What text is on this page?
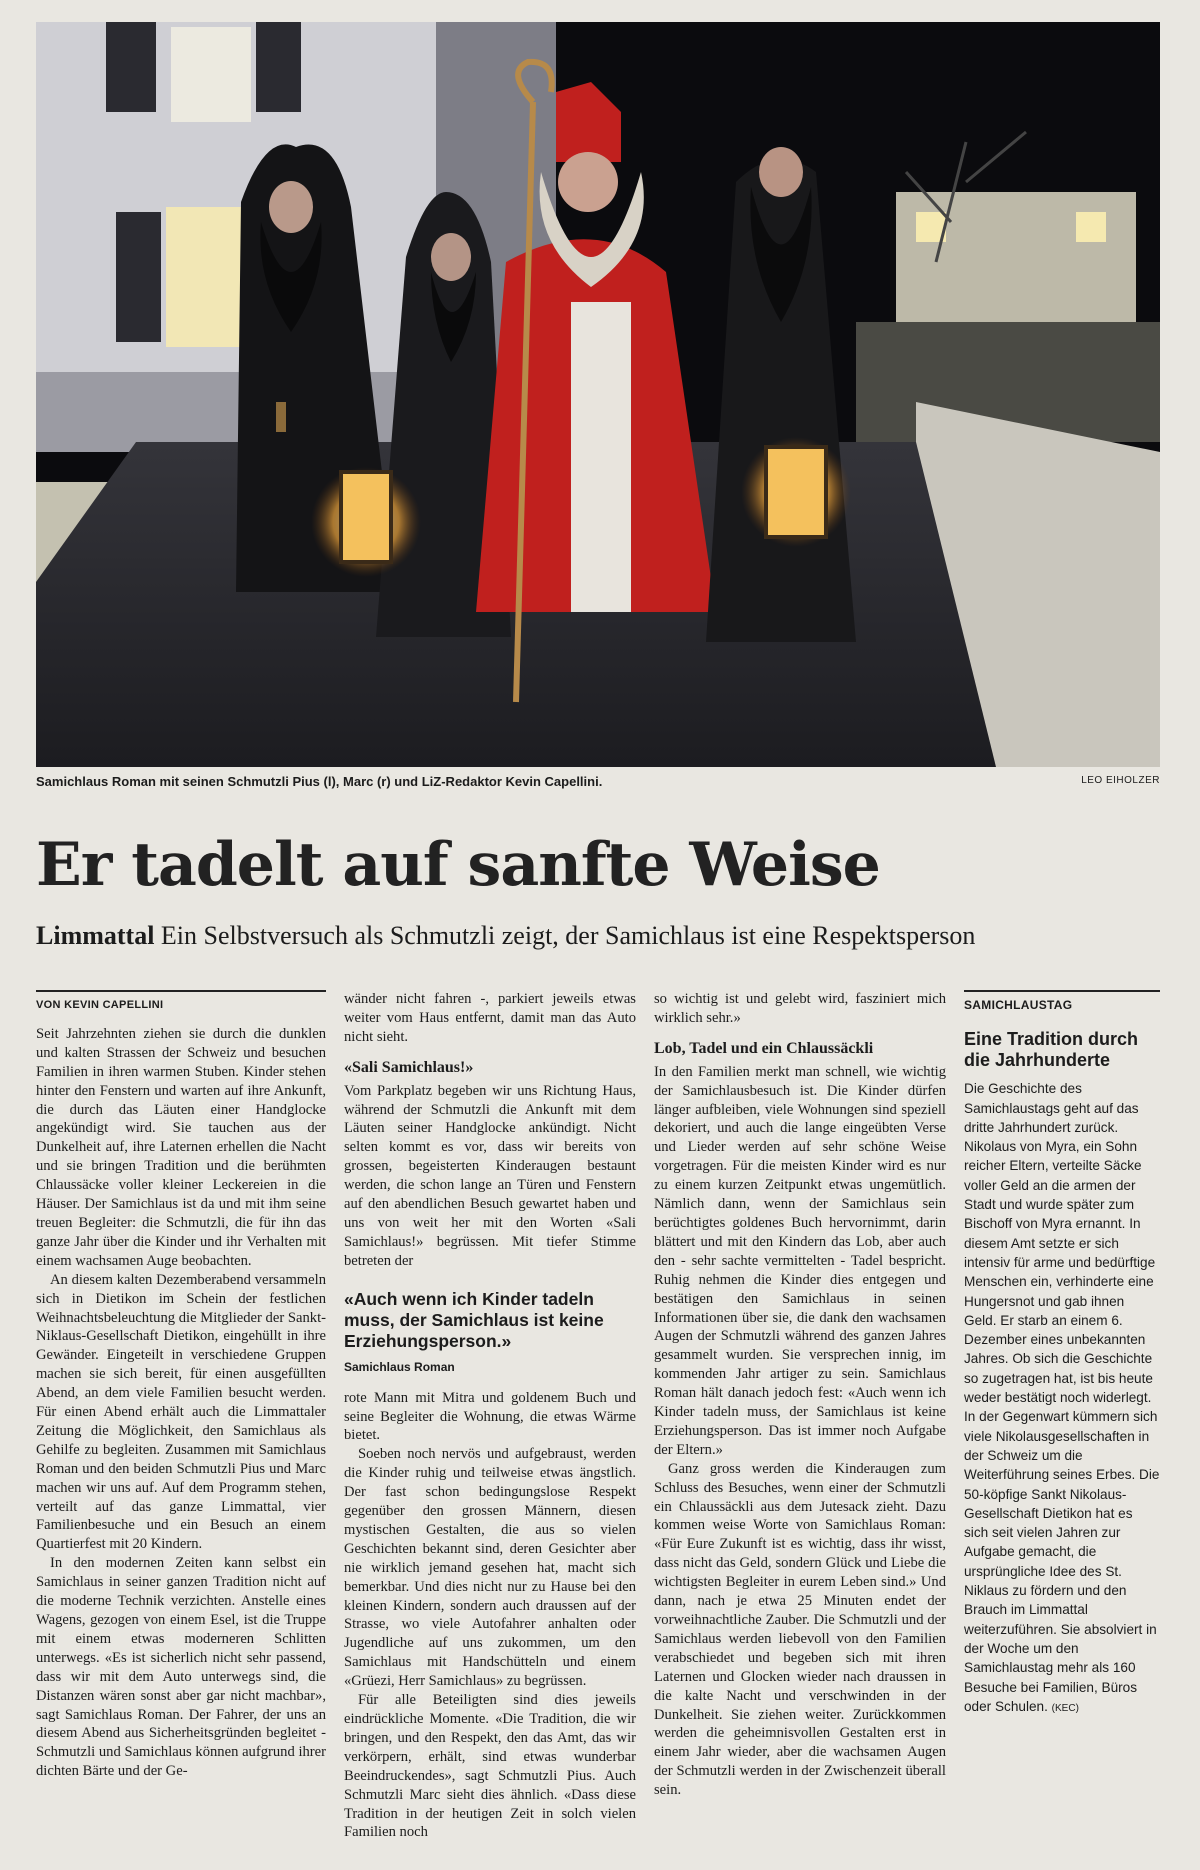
Samichlaus Roman mit seinen Schmutzli Pius (l), Marc (r) und LiZ-Redaktor Kevin Capellini.	LEO EIHOLZER
Er tadelt auf sanfte Weise
Limmattal Ein Selbstversuch als Schmutzli zeigt, der Samichlaus ist eine Respektsperson
VON KEVIN CAPELLINI

Seit Jahrzehnten ziehen sie durch die dunklen und kalten Strassen der Schweiz und besuchen Familien in ihren warmen Stuben. Kinder stehen hinter den Fenstern und warten auf ihre Ankunft, die durch das Läuten einer Handglocke angekündigt wird. Sie tauchen aus der Dunkelheit auf, ihre Laternen erhellen die Nacht und sie bringen Tradition und die berühmten Chlaussäcke voller kleiner Leckereien in die Häuser. Der Samichlaus ist da und mit ihm seine treuen Begleiter: die Schmutzli, die für ihn das ganze Jahr über die Kinder und ihr Verhalten mit einem wachsamen Auge beobachten.

An diesem kalten Dezemberabend versammeln sich in Dietikon im Schein der festlichen Weihnachtsbeleuchtung die Mitglieder der Sankt-Niklaus-Gesellschaft Dietikon, eingehüllt in ihre Gewänder. Eingeteilt in verschiedene Gruppen machen sie sich bereit, für einen ausgefüllten Abend, an dem viele Familien besucht werden. Für einen Abend erhält auch die Limmattaler Zeitung die Möglichkeit, den Samichlaus als Gehilfe zu begleiten. Zusammen mit Samichlaus Roman und den beiden Schmutzli Pius und Marc machen wir uns auf. Auf dem Programm stehen, verteilt auf das ganze Limmattal, vier Familienbesuche und ein Besuch an einem Quartierfest mit 20 Kindern.

In den modernen Zeiten kann selbst ein Samichlaus in seiner ganzen Tradition nicht auf die moderne Technik verzichten. Anstelle eines Wagens, gezogen von einem Esel, ist die Truppe mit einem etwas moderneren Schlitten unterwegs. «Es ist sicherlich nicht sehr passend, dass wir mit dem Auto unterwegs sind, die Distanzen wären sonst aber gar nicht machbar», sagt Samichlaus Roman. Der Fahrer, der uns an diesem Abend aus Sicherheitsgründen begleitet - Schmutzli und Samichlaus können aufgrund ihrer dichten Bärte und der Ge-

wänder nicht fahren -, parkiert jeweils etwas weiter vom Haus entfernt, damit man das Auto nicht sieht.

«Sali Samichlaus!»

Vom Parkplatz begeben wir uns Richtung Haus, während der Schmutzli die Ankunft mit dem Läuten seiner Handglocke ankündigt. Nicht selten kommt es vor, dass wir bereits von grossen, begeisterten Kinderaugen bestaunt werden, die schon lange an Türen und Fenstern auf den abendlichen Besuch gewartet haben und uns von weit her mit den Worten «Sali Samichlaus!» begrüssen. Mit tiefer Stimme betreten der

«Auch wenn ich Kinder tadeln muss, der Samichlaus ist keine Erziehungsperson.»
Samichlaus Roman

rote Mann mit Mitra und goldenem Buch und seine Begleiter die Wohnung, die etwas Wärme bietet.

Soeben noch nervös und aufgebraust, werden die Kinder ruhig und teilweise etwas ängstlich. Der fast schon bedingungslose Respekt gegenüber den grossen Männern, diesen mystischen Gestalten, die aus so vielen Geschichten bekannt sind, deren Gesichter aber nie wirklich jemand gesehen hat, macht sich bemerkbar. Und dies nicht nur zu Hause bei den kleinen Kindern, sondern auch draussen auf der Strasse, wo viele Autofahrer anhalten oder Jugendliche auf uns zukommen, um den Samichlaus mit Handschütteln und einem «Grüezi, Herr Samichlaus» zu begrüssen.

Für alle Beteiligten sind dies jeweils eindrückliche Momente. «Die Tradition, die wir bringen, und den Respekt, den das Amt, das wir verkörpern, erhält, sind etwas wunderbar Beeindruckendes», sagt Schmutzli Pius. Auch Schmutzli Marc sieht dies ähnlich. «Dass diese Tradition in der heutigen Zeit in solch vielen Familien noch

so wichtig ist und gelebt wird, fasziniert mich wirklich sehr.»

Lob, Tadel und ein Chlaussäckli

In den Familien merkt man schnell, wie wichtig der Samichlausbesuch ist. Die Kinder dürfen länger aufbleiben, viele Wohnungen sind speziell dekoriert, und auch die lange eingeübten Verse und Lieder werden auf sehr schöne Weise vorgetragen. Für die meisten Kinder wird es nur zu einem kurzen Zeitpunkt etwas ungemütlich. Nämlich dann, wenn der Samichlaus sein berüchtigtes goldenes Buch hervornimmt, darin blättert und mit den Kindern das Lob, aber auch den - sehr sachte vermittelten - Tadel bespricht. Ruhig nehmen die Kinder dies entgegen und bestätigen den Samichlaus in seinen Informationen über sie, die dank den wachsamen Augen der Schmutzli während des ganzen Jahres gesammelt wurden. Sie versprechen innig, im kommenden Jahr artiger zu sein. Samichlaus Roman hält danach jedoch fest: «Auch wenn ich Kinder tadeln muss, der Samichlaus ist keine Erziehungsperson. Das ist immer noch Aufgabe der Eltern.»

Ganz gross werden die Kinderaugen zum Schluss des Besuches, wenn einer der Schmutzli ein Chlaussäckli aus dem Jutesack zieht. Dazu kommen weise Worte von Samichlaus Roman: «Für Eure Zukunft ist es wichtig, dass ihr wisst, dass nicht das Geld, sondern Glück und Liebe die wichtigsten Begleiter in eurem Leben sind.» Und dann, nach je etwa 25 Minuten endet der vorweihnachtliche Zauber. Die Schmutzli und der Samichlaus werden liebevoll von den Familien verabschiedet und begeben sich mit ihren Laternen und Glocken wieder nach draussen in die kalte Nacht und verschwinden in der Dunkelheit. Sie ziehen weiter. Zurückkommen werden die geheimnisvollen Gestalten erst in einem Jahr wieder, aber die wachsamen Augen der Schmutzli werden in der Zwischenzeit überall sein.

SAMICHLAUSTAG
Eine Tradition durch die Jahrhunderte
Die Geschichte des Samichlaustags geht auf das dritte Jahrhundert zurück. Nikolaus von Myra, ein Sohn reicher Eltern, verteilte Säcke voller Geld an die armen der Stadt und wurde später zum Bischoff von Myra ernannt. In diesem Amt setzte er sich intensiv für arme und bedürftige Menschen ein, verhinderte eine Hungersnot und gab ihnen Geld. Er starb an einem 6. Dezember eines unbekannten Jahres. Ob sich die Geschichte so zugetragen hat, ist bis heute weder bestätigt noch widerlegt. In der Gegenwart kümmern sich viele Nikolausgesellschaften in der Schweiz um die Weiterführung seines Erbes. Die 50-köpfige Sankt Nikolaus-Gesellschaft Dietikon hat es sich seit vielen Jahren zur Aufgabe gemacht, die ursprüngliche Idee des St. Niklaus zu fördern und den Brauch im Limmattal weiterzuführen. Sie absolviert in der Woche um den Samichlaustag mehr als 160 Besuche bei Familien, Büros oder Schulen. (KEC)
